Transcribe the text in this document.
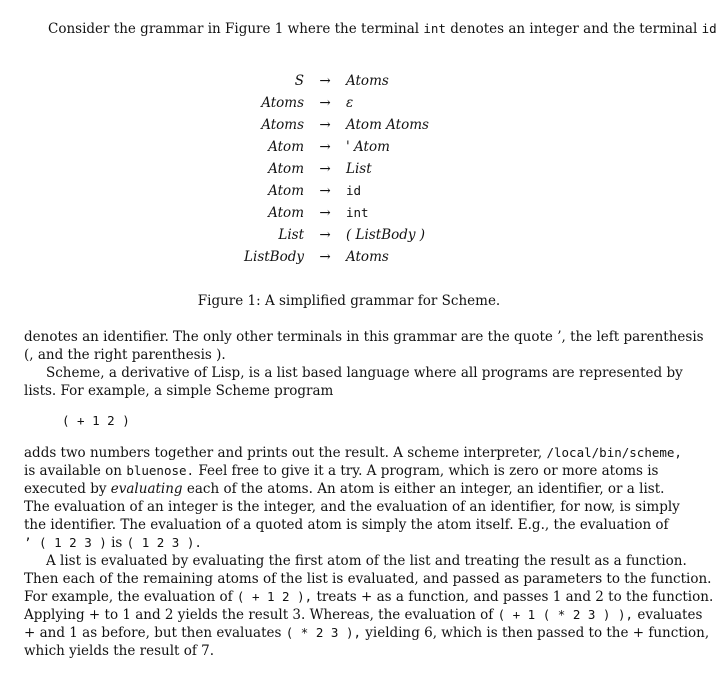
Consider the grammar in Figure 1 where the terminal int denotes an integer and the terminal id
S → Atoms
Atoms → ε
Atoms → Atom Atoms
Atom → ' Atom
Atom → List
Atom → id
Atom → int
List → ( ListBody )
ListBody → Atoms
Figure 1: A simplified grammar for Scheme.
denotes an identifier. The only other terminals in this grammar are the quote ’, the left parenthesis
(, and the right parenthesis ).
Scheme, a derivative of Lisp, is a list based language where all programs are represented by
lists. For example, a simple Scheme program
( + 1 2 )
adds two numbers together and prints out the result. A scheme interpreter, /local/bin/scheme,
is available on bluenose. Feel free to give it a try. A program, which is zero or more atoms is
executed by evaluating each of the atoms. An atom is either an integer, an identifier, or a list.
The evaluation of an integer is the integer, and the evaluation of an identifier, for now, is simply
the identifier. The evaluation of a quoted atom is simply the atom itself. E.g., the evaluation of
’ ( 1 2 3 ) is ( 1 2 3 ).
A list is evaluated by evaluating the first atom of the list and treating the result as a function.
Then each of the remaining atoms of the list is evaluated, and passed as parameters to the function.
For example, the evaluation of ( + 1 2 ), treats + as a function, and passes 1 and 2 to the function.
Applying + to 1 and 2 yields the result 3. Whereas, the evaluation of ( + 1 ( * 2 3 ) ), evaluates
+ and 1 as before, but then evaluates ( * 2 3 ), yielding 6, which is then passed to the + function,
which yields the result of 7.
